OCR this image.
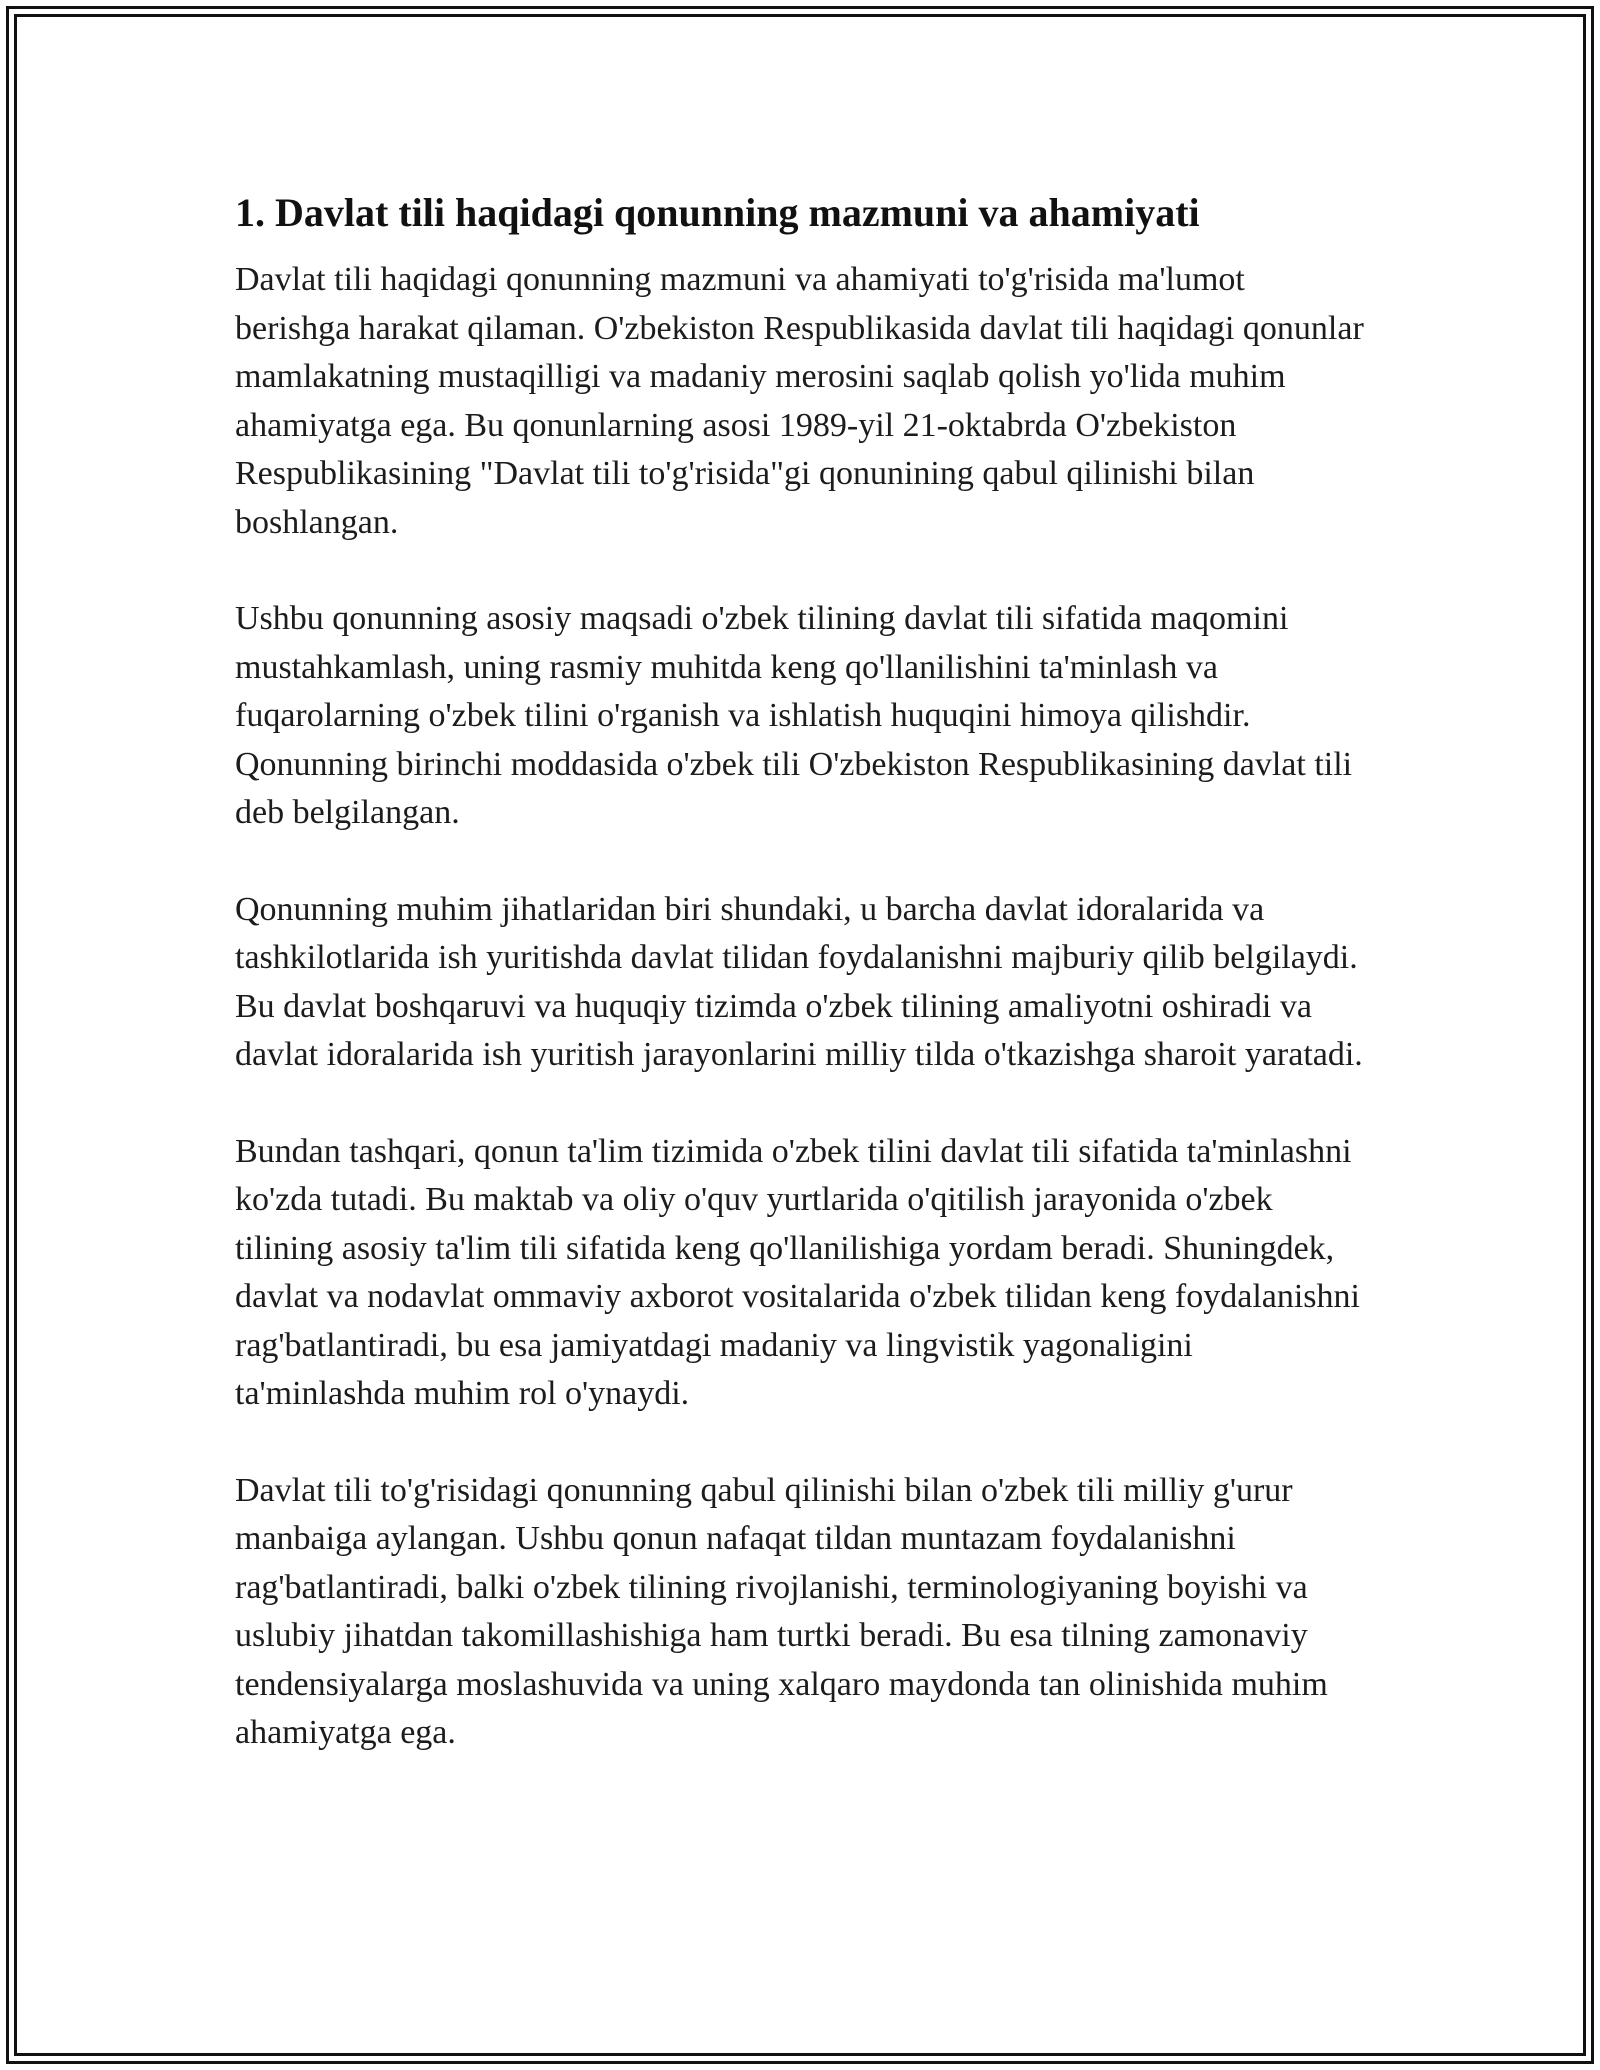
1. Davlat tili haqidagi qonunning mazmuni va ahamiyati

Davlat tili haqidagi qonunning mazmuni va ahamiyati to'g'risida ma'lumot berishga harakat qilaman. O'zbekiston Respublikasida davlat tili haqidagi qonunlar mamlakatning mustaqilligi va madaniy merosini saqlab qolish yo'lida muhim ahamiyatga ega. Bu qonunlarning asosi 1989-yil 21-oktabrda O'zbekiston Respublikasining "Davlat tili to'g'risida"gi qonunining qabul qilinishi bilan boshlangan.

Ushbu qonunning asosiy maqsadi o'zbek tilining davlat tili sifatida maqomini mustahkamlash, uning rasmiy muhitda keng qo'llanilishini ta'minlash va fuqarolarning o'zbek tilini o'rganish va ishlatish huquqini himoya qilishdir. Qonunning birinchi moddasida o'zbek tili O'zbekiston Respublikasining davlat tili deb belgilangan.

Qonunning muhim jihatlaridan biri shundaki, u barcha davlat idoralarida va tashkilotlarida ish yuritishda davlat tilidan foydalanishni majburiy qilib belgilaydi. Bu davlat boshqaruvi va huquqiy tizimda o'zbek tilining amaliyotni oshiradi va davlat idoralarida ish yuritish jarayonlarini milliy tilda o'tkazishga sharoit yaratadi.

Bundan tashqari, qonun ta'lim tizimida o'zbek tilini davlat tili sifatida ta'minlashni ko'zda tutadi. Bu maktab va oliy o'quv yurtlarida o'qitilish jarayonida o'zbek tilining asosiy ta'lim tili sifatida keng qo'llanilishiga yordam beradi. Shuningdek, davlat va nodavlat ommaviy axborot vositalarida o'zbek tilidan keng foydalanishni rag'batlantiradi, bu esa jamiyatdagi madaniy va lingvistik yagonaligini ta'minlashda muhim rol o'ynaydi.

Davlat tili to'g'risidagi qonunning qabul qilinishi bilan o'zbek tili milliy g'urur manbaiga aylangan. Ushbu qonun nafaqat tildan muntazam foydalanishni rag'batlantiradi, balki o'zbek tilining rivojlanishi, terminologiyaning boyishi va uslubiy jihatdan takomillashishiga ham turtki beradi. Bu esa tilning zamonaviy tendensiyalarga moslashuvida va uning xalqaro maydonda tan olinishida muhim ahamiyatga ega.
